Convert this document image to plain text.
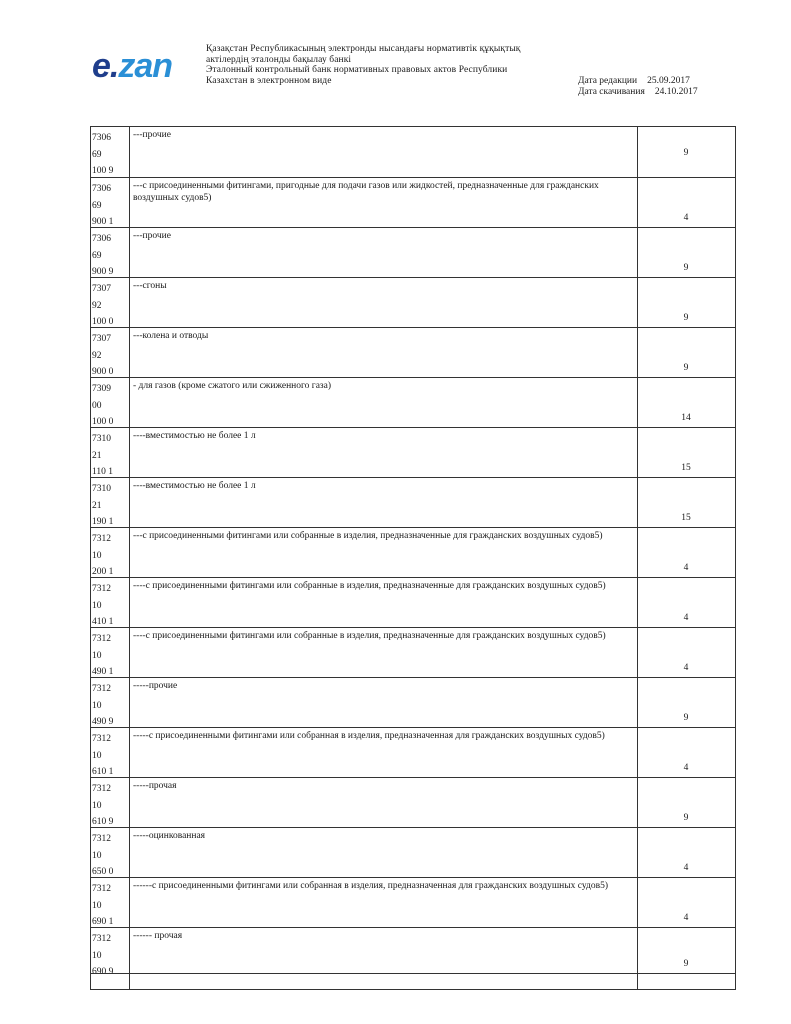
e.zan	Қазақстан Республикасының электронды нысандағы нормативтік құқықтық
актілердің эталонды бақылау банкі
Эталонный контрольный банк нормативных правовых актов Республики
Казахстан в электронном виде	Дата редакции 25.09.2017
Дата скачивания 24.10.2017
7306
69
100 9
---прочие
9
7306
69
900 1
---с присоединенными фитингами, пригодные для подачи газов или жидкостей, предназначенные для гражданских воздушных судов5)
4
7306
69
900 9
---прочие
9
7307
92
100 0
---сгоны
9
7307
92
900 0
---колена и отводы
9
7309
00
100 0
- для газов (кроме сжатого или сжиженного газа)
14
7310
21
110 1
----вместимостью не более 1 л
15
7310
21
190 1
----вместимостью не более 1 л
15
7312
10
200 1
---с присоединенными фитингами или собранные в изделия, предназначенные для гражданских воздушных судов5)
4
7312
10
410 1
----с присоединенными фитингами или собранные в изделия, предназначенные для гражданских воздушных судов5)
4
7312
10
490 1
----с присоединенными фитингами или собранные в изделия, предназначенные для гражданских воздушных судов5)
4
7312
10
490 9
-----прочие
9
7312
10
610 1
-----с присоединенными фитингами или собранная в изделия, предназначенная для гражданских воздушных судов5)
4
7312
10
610 9
-----прочая
9
7312
10
650 0
-----оцинкованная
4
7312
10
690 1
------с присоединенными фитингами или собранная в изделия, предназначенная для гражданских воздушных судов5)
4
7312
10
690 9
------ прочая
9
